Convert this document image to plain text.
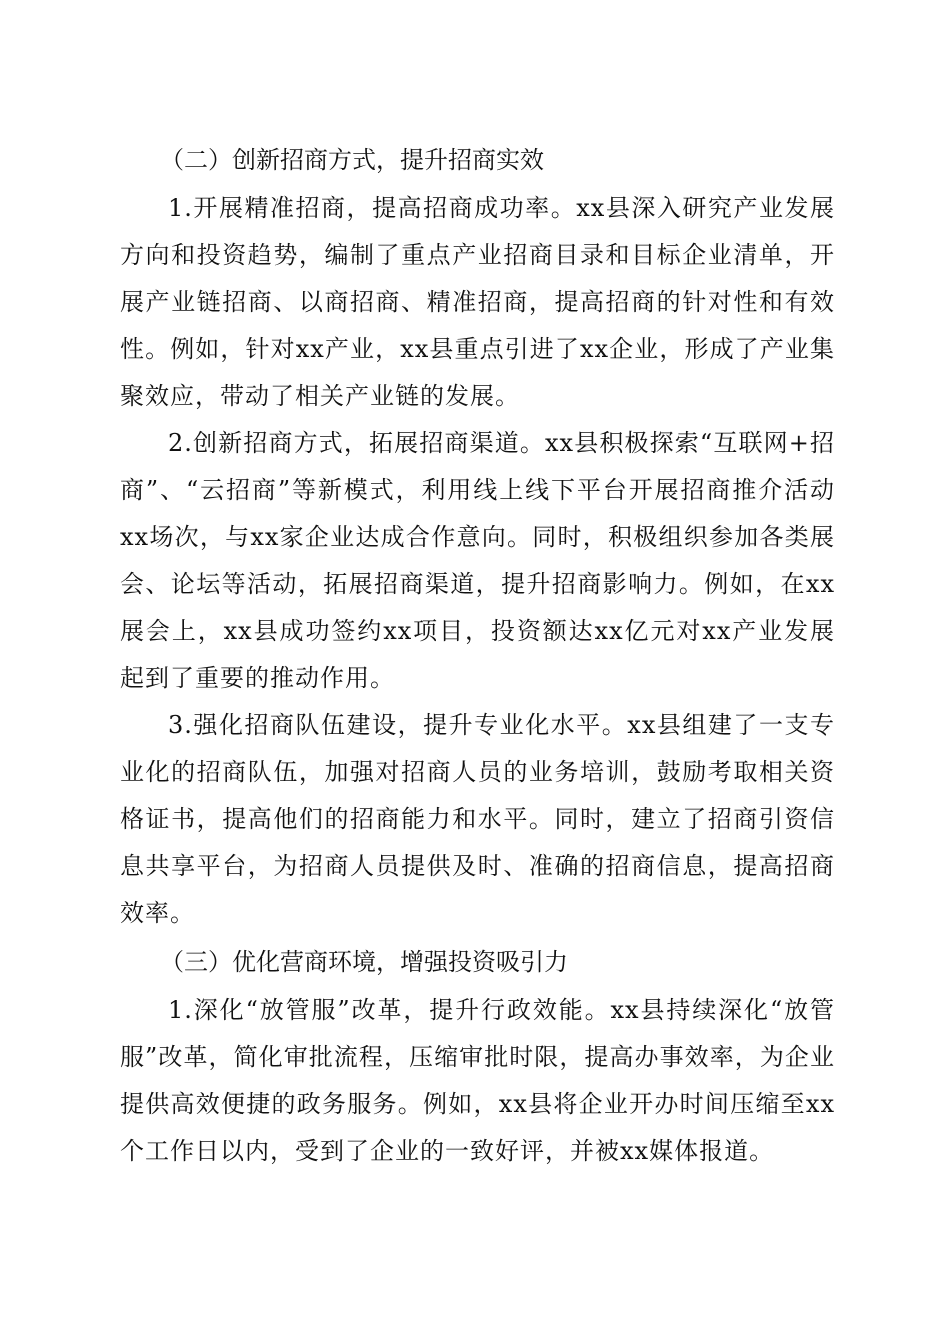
（二）创新招商方式，提升招商实效

1.开展精准招商，提高招商成功率。xx县深入研究产业发展方向和投资趋势，编制了重点产业招商目录和目标企业清单，开展产业链招商、以商招商、精准招商，提高招商的针对性和有效性。例如，针对xx产业，xx县重点引进了xx企业，形成了产业集聚效应，带动了相关产业链的发展。

2.创新招商方式，拓展招商渠道。xx县积极探索“互联网+招商”、“云招商”等新模式，利用线上线下平台开展招商推介活动xx场次，与xx家企业达成合作意向。同时，积极组织参加各类展会、论坛等活动，拓展招商渠道，提升招商影响力。例如，在xx展会上，xx县成功签约xx项目，投资额达xx亿元对xx产业发展起到了重要的推动作用。

3.强化招商队伍建设，提升专业化水平。xx县组建了一支专业化的招商队伍，加强对招商人员的业务培训，鼓励考取相关资格证书，提高他们的招商能力和水平。同时，建立了招商引资信息共享平台，为招商人员提供及时、准确的招商信息，提高招商效率。

（三）优化营商环境，增强投资吸引力

1.深化“放管服”改革，提升行政效能。xx县持续深化“放管服”改革，简化审批流程，压缩审批时限，提高办事效率，为企业提供高效便捷的政务服务。例如，xx县将企业开办时间压缩至xx个工作日以内，受到了企业的一致好评，并被xx媒体报道。
